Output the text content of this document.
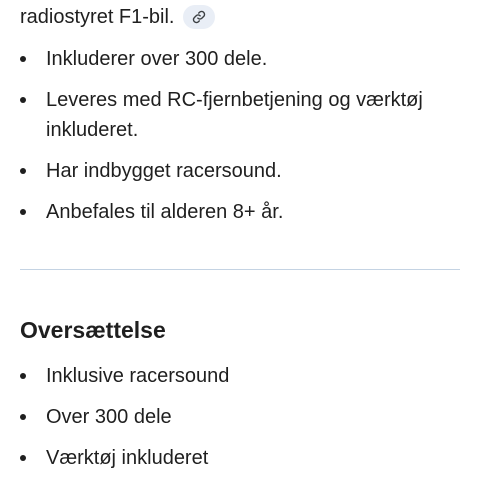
radiostyret F1-bil.
Inkluderer over 300 dele.
Leveres med RC-fjernbetjening og værktøj inkluderet.
Har indbygget racersound.
Anbefales til alderen 8+ år.
Oversættelse
Inklusive racersound
Over 300 dele
Værktøj inkluderet
